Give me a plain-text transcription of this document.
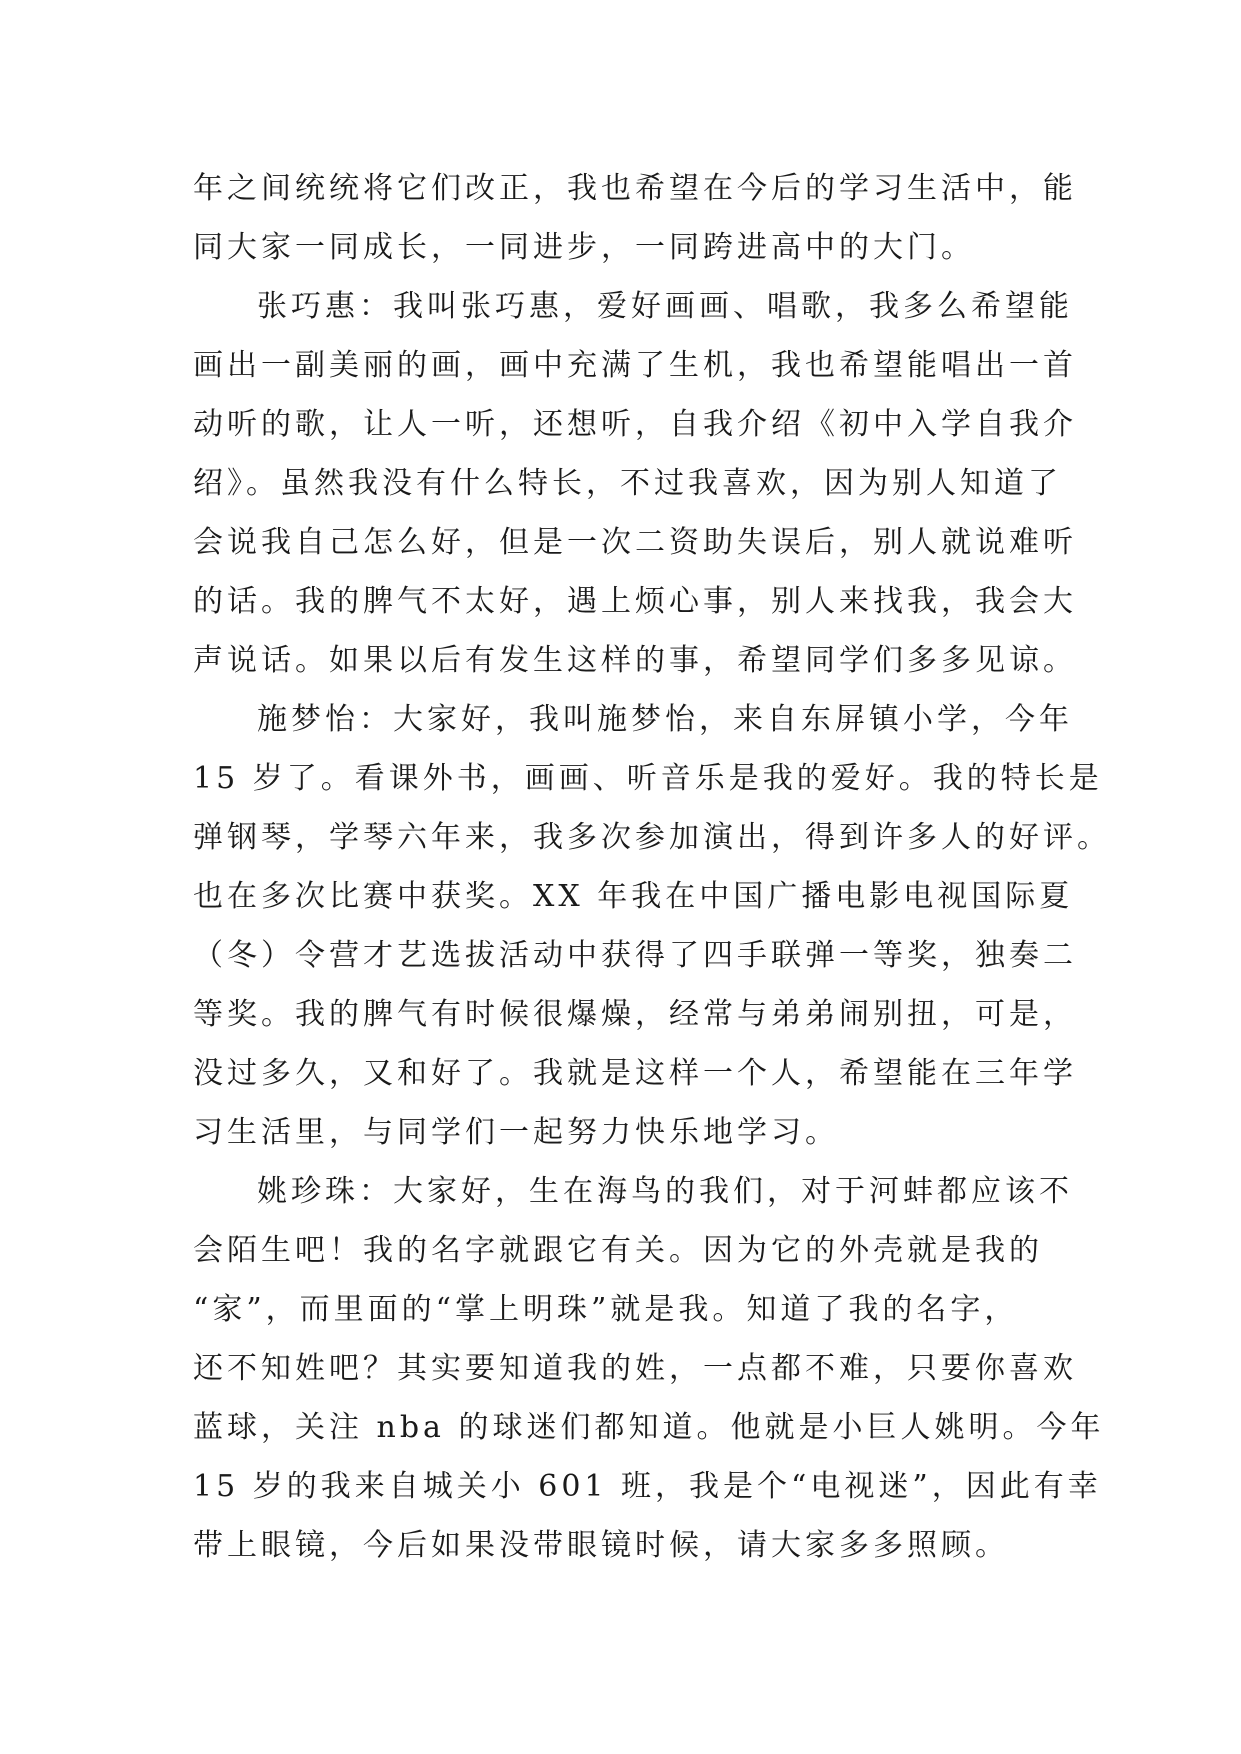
年之间统统将它们改正，我也希望在今后的学习生活中，能
同大家一同成长，一同进步，一同跨进高中的大门。
张巧惠：我叫张巧惠，爱好画画、唱歌，我多么希望能
画出一副美丽的画，画中充满了生机，我也希望能唱出一首
动听的歌，让人一听，还想听，自我介绍《初中入学自我介
绍》。虽然我没有什么特长，不过我喜欢，因为别人知道了
会说我自己怎么好，但是一次二资助失误后，别人就说难听
的话。我的脾气不太好，遇上烦心事，别人来找我，我会大
声说话。如果以后有发生这样的事，希望同学们多多见谅。
施梦怡：大家好，我叫施梦怡，来自东屏镇小学，今年
15 岁了。看课外书，画画、听音乐是我的爱好。我的特长是
弹钢琴，学琴六年来，我多次参加演出，得到许多人的好评。
也在多次比赛中获奖。XX 年我在中国广播电影电视国际夏
（冬）令营才艺选拔活动中获得了四手联弹一等奖，独奏二
等奖。我的脾气有时候很爆燥，经常与弟弟闹别扭，可是，
没过多久，又和好了。我就是这样一个人，希望能在三年学
习生活里，与同学们一起努力快乐地学习。
姚珍珠：大家好，生在海鸟的我们，对于河蚌都应该不
会陌生吧！我的名字就跟它有关。因为它的外壳就是我的
“家”，而里面的“掌上明珠”就是我。知道了我的名字，
还不知姓吧？其实要知道我的姓，一点都不难，只要你喜欢
蓝球，关注 nba 的球迷们都知道。他就是小巨人姚明。今年
15 岁的我来自城关小 601 班，我是个“电视迷”，因此有幸
带上眼镜，今后如果没带眼镜时候，请大家多多照顾。
